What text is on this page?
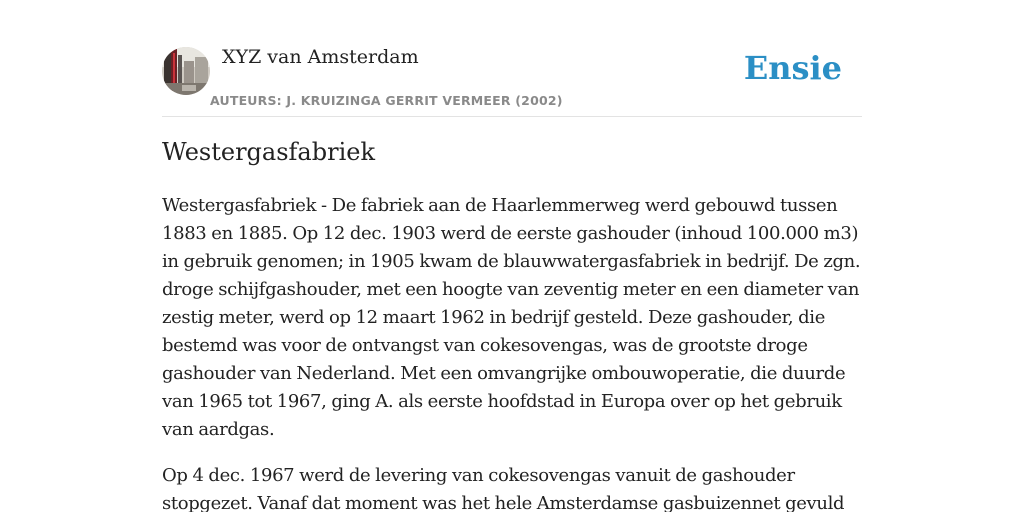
XYZ van Amsterdam
AUTEURS: J. KRUIZINGA GERRIT VERMEER (2002)
Ensie
Westergasfabriek

Westergasfabriek - De fabriek aan de Haarlemmerweg werd gebouwd tussen 1883 en 1885. Op 12 dec. 1903 werd de eerste gashouder (inhoud 100.000 m3) in gebruik genomen; in 1905 kwam de blauwwatergasfabriek in bedrijf. De zgn. droge schijfgashouder, met een hoogte van zeventig meter en een diameter van zestig meter, werd op 12 maart 1962 in bedrijf gesteld. Deze gashouder, die bestemd was voor de ontvangst van cokesovengas, was de grootste droge gashouder van Nederland. Met een omvangrijke ombouwoperatie, die duurde van 1965 tot 1967, ging A. als eerste hoofdstad in Europa over op het gebruik van aardgas.

Op 4 dec. 1967 werd de levering van cokesovengas vanuit de gashouder stopgezet. Vanaf dat moment was het hele Amsterdamse gasbuizennet gevuld
